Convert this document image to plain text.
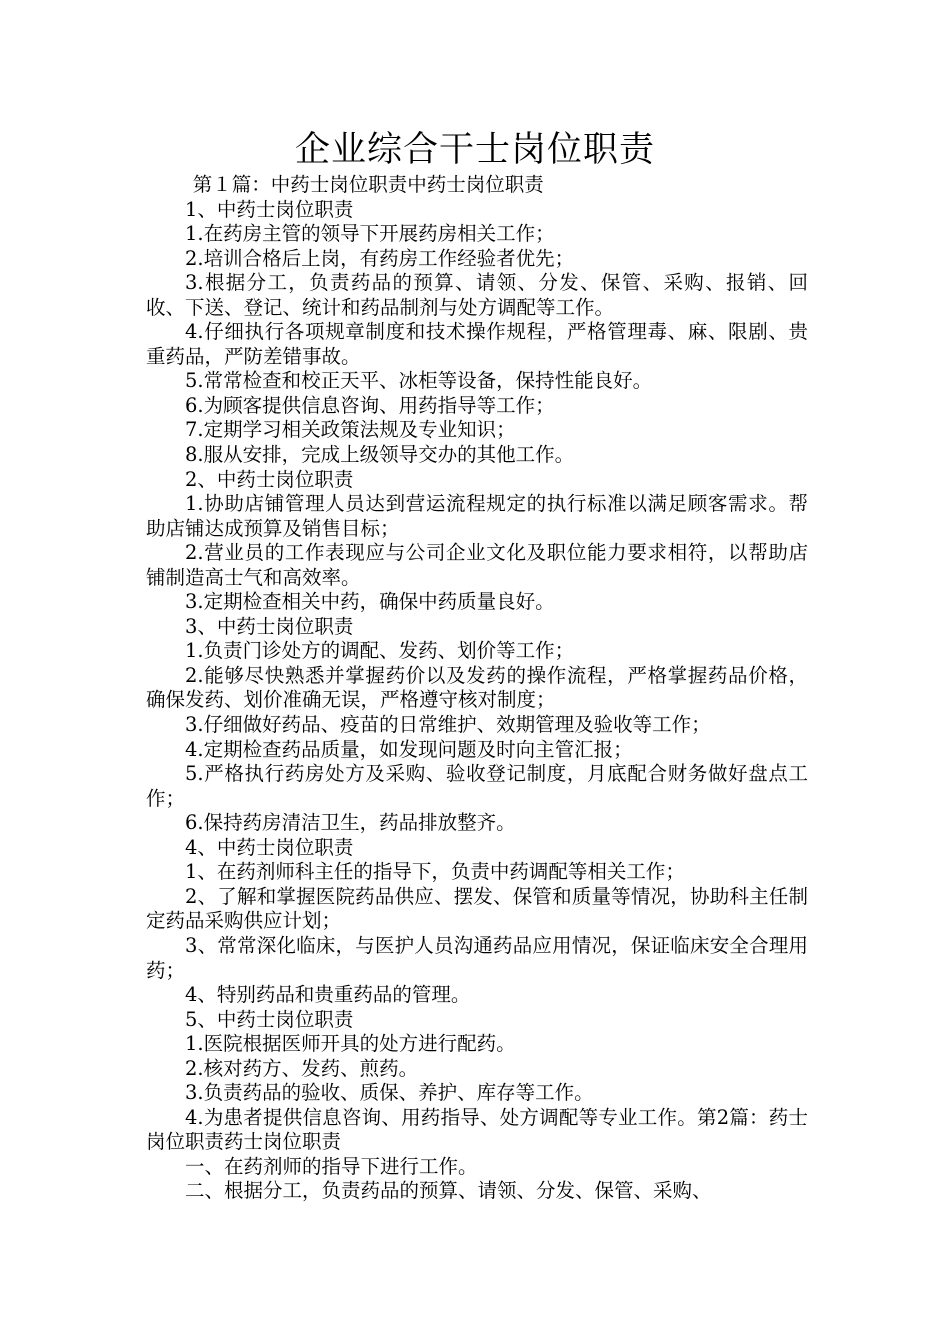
企业综合干士岗位职责

第１篇：中药士岗位职责中药士岗位职责

1、中药士岗位职责

1.在药房主管的领导下开展药房相关工作；

2.培训合格后上岗，有药房工作经验者优先；

3.根据分工，负责药品的预算、请领、分发、保管、采购、报销、回收、下送、登记、统计和药品制剂与处方调配等工作。

4.仔细执行各项规章制度和技术操作规程，严格管理毒、麻、限剧、贵重药品，严防差错事故。

5.常常检查和校正天平、冰柜等设备，保持性能良好。

6.为顾客提供信息咨询、用药指导等工作；

7.定期学习相关政策法规及专业知识；

8.服从安排，完成上级领导交办的其他工作。

2、中药士岗位职责

1.协助店铺管理人员达到营运流程规定的执行标准以满足顾客需求。帮助店铺达成预算及销售目标；

2.营业员的工作表现应与公司企业文化及职位能力要求相符，以帮助店铺制造高士气和高效率。

3.定期检查相关中药，确保中药质量良好。

3、中药士岗位职责

1.负责门诊处方的调配、发药、划价等工作；

2.能够尽快熟悉并掌握药价以及发药的操作流程，严格掌握药品价格，确保发药、划价准确无误，严格遵守核对制度；

3.仔细做好药品、疫苗的日常维护、效期管理及验收等工作；

4.定期检查药品质量，如发现问题及时向主管汇报；

5.严格执行药房处方及采购、验收登记制度，月底配合财务做好盘点工作；

6.保持药房清洁卫生，药品排放整齐。

4、中药士岗位职责

1、在药剂师科主任的指导下，负责中药调配等相关工作；

2、了解和掌握医院药品供应、摆发、保管和质量等情况，协助科主任制定药品采购供应计划；

3、常常深化临床，与医护人员沟通药品应用情况，保证临床安全合理用药；

4、特别药品和贵重药品的管理。

5、中药士岗位职责

1.医院根据医师开具的处方进行配药。

2.核对药方、发药、煎药。

3.负责药品的验收、质保、养护、库存等工作。

4.为患者提供信息咨询、用药指导、处方调配等专业工作。第2篇：药士岗位职责药士岗位职责

一、在药剂师的指导下进行工作。

二、根据分工，负责药品的预算、请领、分发、保管、采购、
